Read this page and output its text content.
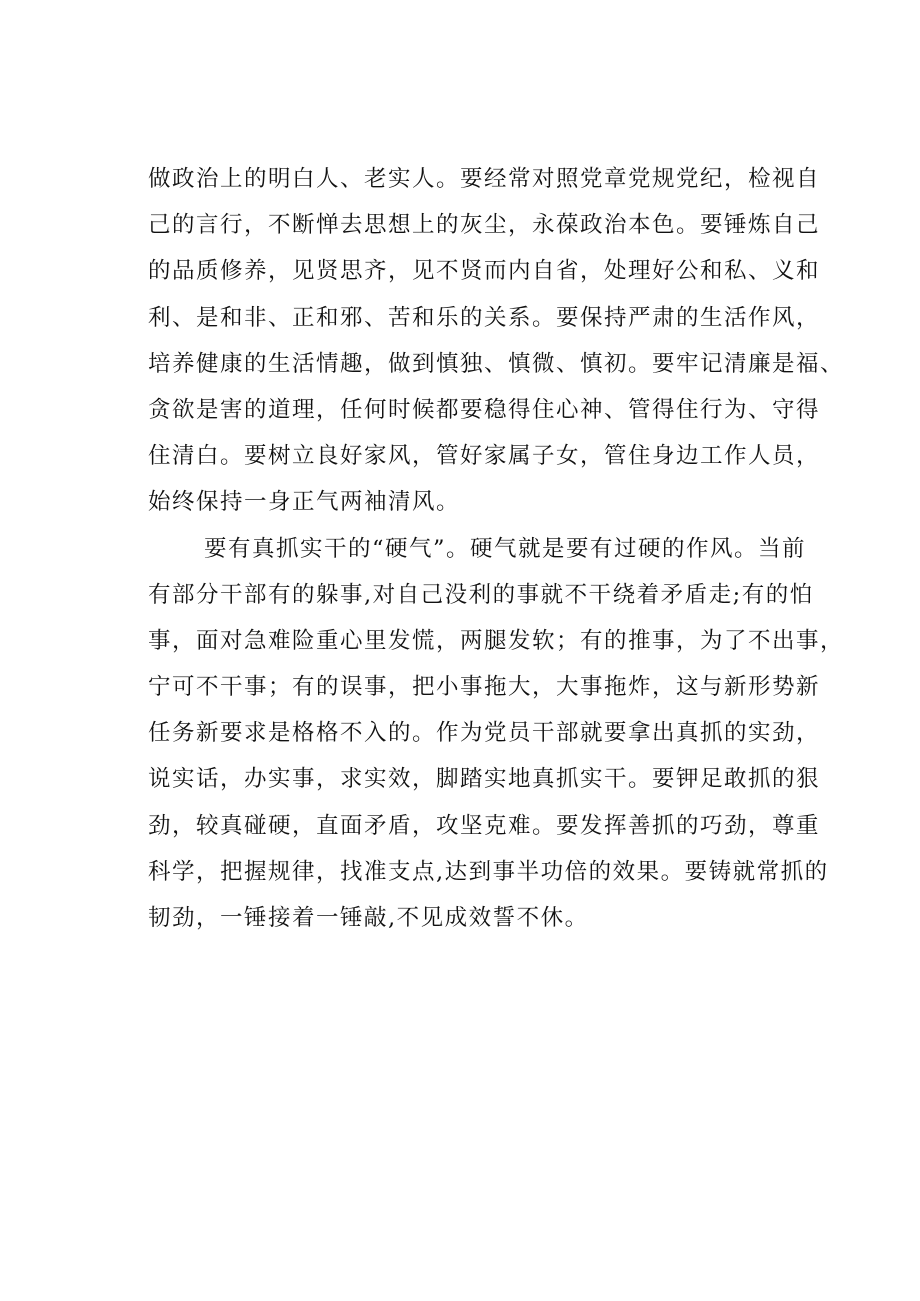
做政治上的明白人、老实人。要经常对照党章党规党纪，检视自
己的言行，不断惮去思想上的灰尘，永葆政治本色。要锤炼自己
的品质修养，见贤思齐，见不贤而内自省，处理好公和私、义和
利、是和非、正和邪、苦和乐的关系。要保持严肃的生活作风，
培养健康的生活情趣，做到慎独、慎微、慎初。要牢记清廉是福、
贪欲是害的道理，任何时候都要稳得住心神、管得住行为、守得
住清白。要树立良好家风，管好家属子女，管住身边工作人员，
始终保持一身正气两袖清风。
要有真抓实干的“硬气”。硬气就是要有过硬的作风。当前
有部分干部有的躲事,对自己没利的事就不干绕着矛盾走;有的怕
事，面对急难险重心里发慌，两腿发软；有的推事，为了不出事，
宁可不干事；有的误事，把小事拖大，大事拖炸，这与新形势新
任务新要求是格格不入的。作为党员干部就要拿出真抓的实劲，
说实话，办实事，求实效，脚踏实地真抓实干。要钾足敢抓的狠
劲，较真碰硬，直面矛盾，攻坚克难。要发挥善抓的巧劲，尊重
科学，把握规律，找准支点,达到事半功倍的效果。要铸就常抓的
韧劲，一锤接着一锤敲,不见成效誓不休。
